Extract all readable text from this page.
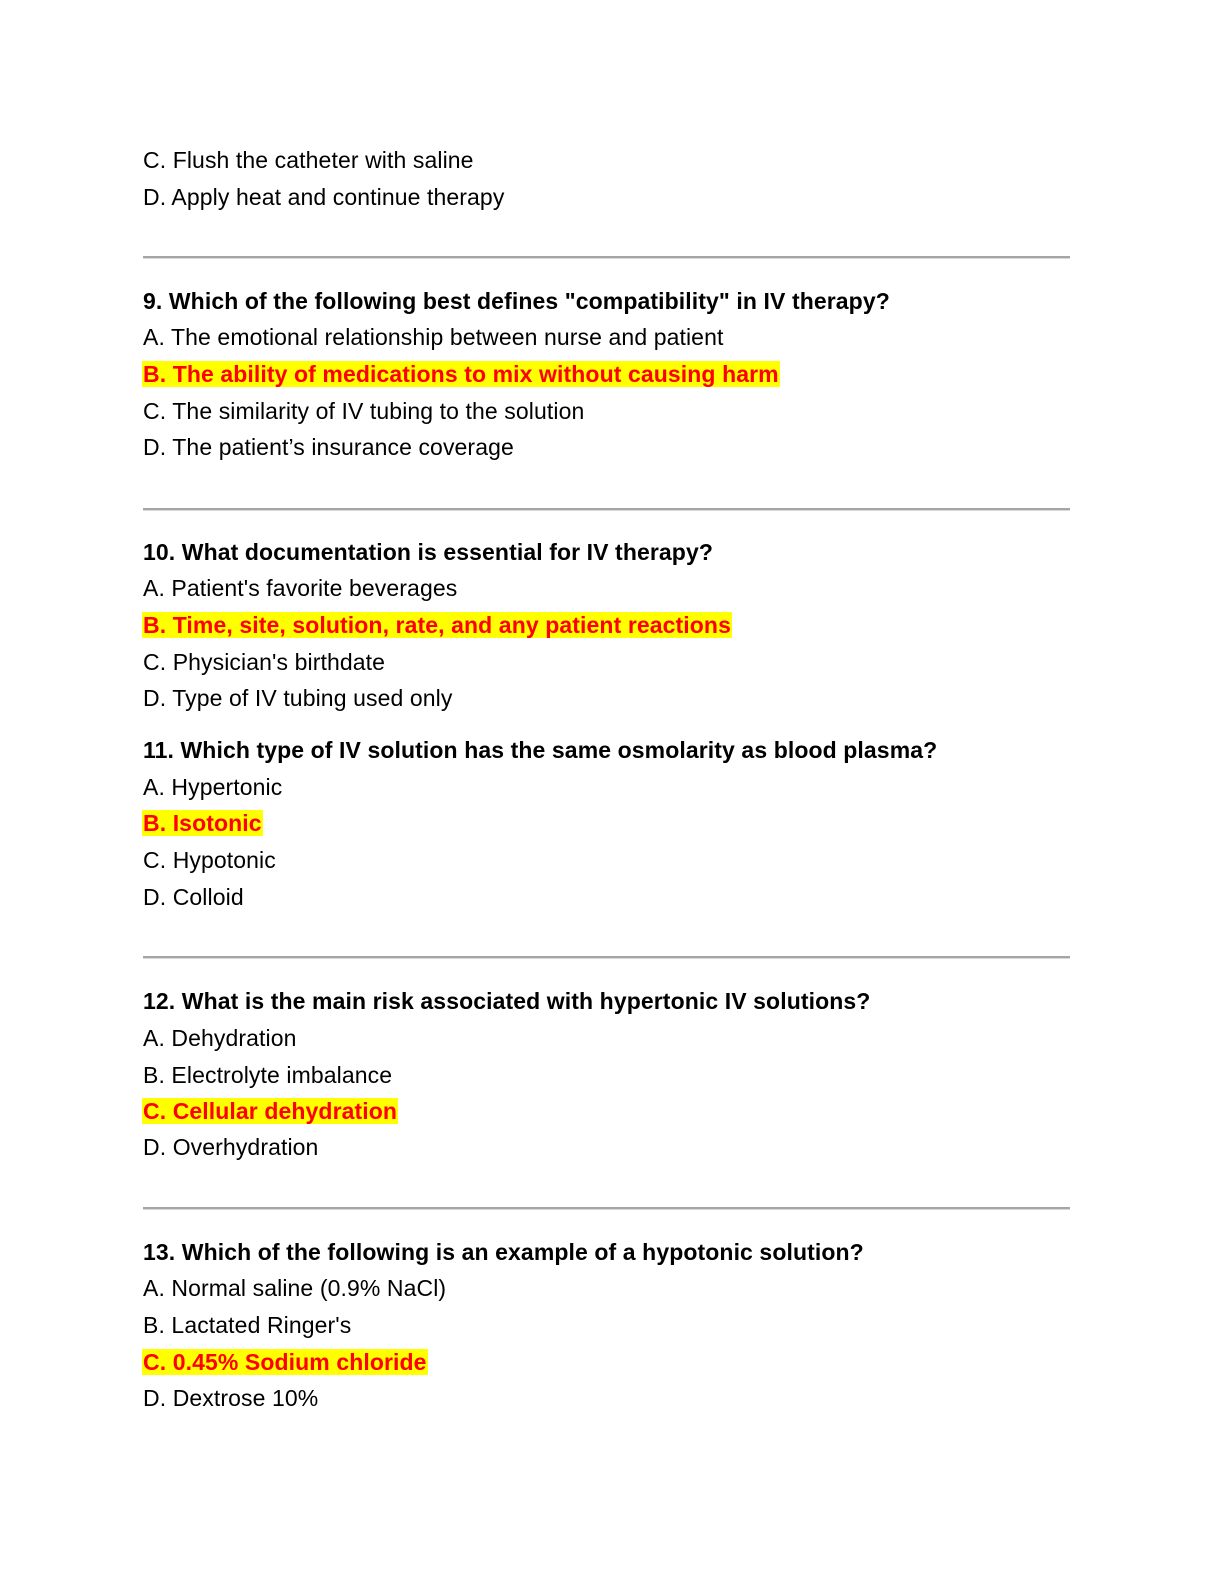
C. Flush the catheter with saline
D. Apply heat and continue therapy
9. Which of the following best defines "compatibility" in IV therapy?
A. The emotional relationship between nurse and patient
B. The ability of medications to mix without causing harm
C. The similarity of IV tubing to the solution
D. The patient’s insurance coverage
10. What documentation is essential for IV therapy?
A. Patient's favorite beverages
B. Time, site, solution, rate, and any patient reactions
C. Physician's birthdate
D. Type of IV tubing used only
11. Which type of IV solution has the same osmolarity as blood plasma?
A. Hypertonic
B. Isotonic
C. Hypotonic
D. Colloid
12. What is the main risk associated with hypertonic IV solutions?
A. Dehydration
B. Electrolyte imbalance
C. Cellular dehydration
D. Overhydration
13. Which of the following is an example of a hypotonic solution?
A. Normal saline (0.9% NaCl)
B. Lactated Ringer's
C. 0.45% Sodium chloride
D. Dextrose 10%
